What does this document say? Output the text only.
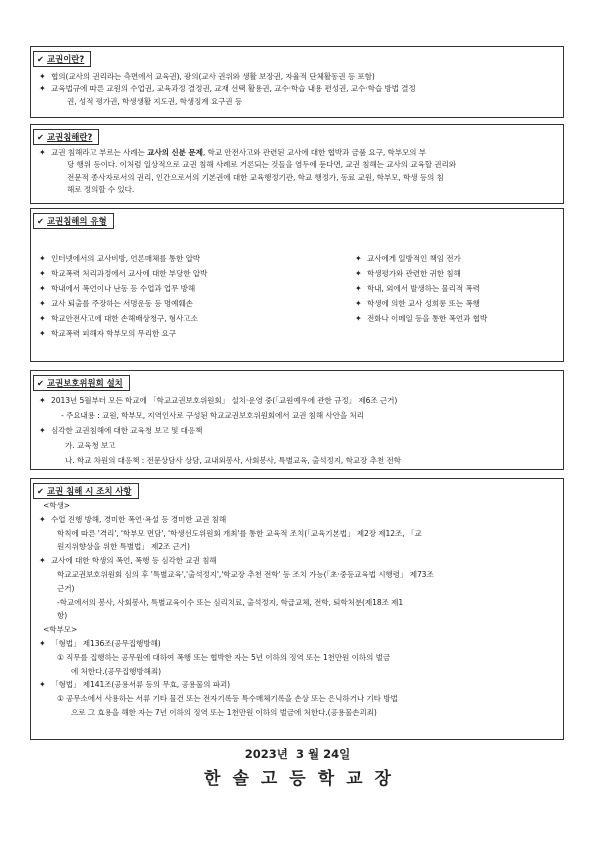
✔ 교권이란?
✦ 협의(교사의 권리라는 측면에서 교육권), 광의(교사 권위와 생활 보장권, 자율적 단체활동권 등 포함)
✦ 교육법규에 따른 교원의 수업권, 교육과정 결정권, 교재 선택 활용권, 교수·학습 내용 편성권, 교수·학습 방법 결정
권, 성적 평가권, 학생생활 지도권, 학생징계 요구권 등
✔ 교권침해란?
✦ 교권 침해라고 부르는 사례는 교사의 신분 문제, 학교 안전사고와 관련된 교사에 대한 협박과 금품 요구, 학부모의 부
당 행위 등이다. 이처럼 일상적으로 교권 침해 사례로 거론되는 것들을 염두에 둔다면, 교권 침해는 교사의 교육할 권리와
전문적 종사자로서의 권리, 인간으로서의 기본권에 대한 교육행정기관, 학교 행정가, 동료 교원, 학부모, 학생 등의 침
해로 정의할 수 있다.
✔ 교권침해의 유형
✦ 인터넷에서의 교사비방, 언론매체를 통한 압박
✦ 학교폭력 처리과정에서 교사에 대한 부당한 압박
✦ 학내에서 폭언이나 난동 등 수업과 업무 방해
✦ 교사 퇴출를 주장하는 서명운동 등 명예훼손
✦ 학교안전사고에 대한 손해배상청구, 형사고소
✦ 학교폭력 피해자 학부모의 무리한 요구
✦ 교사에게 일방적인 책임 전가
✦ 학생평가와 관련한 귀한 침해
✦ 학내, 외에서 발생하는 물리적 폭력
✦ 학생에 의한 교사 성희롱 또는 폭행
✦ 전화나 이메일 등을 통한 폭언과 협박
✔ 교권보호위원회 설치
✦ 2013년 5월부터 모든 학교에 「학교교권보호위원회」 설치·운영 중(「교원예우에 관한 규정」 제6조 근거)
- 주요내용 : 교원, 학부모, 지역인사로 구성된 학교교권보호위원회에서 교권 침해 사안을 처리
✦ 심각한 교권침해에 대한 교육청 보고 및 대응책
가. 교육청 보고
나. 학교 차원의 대응책 : 전문상담사 상담, 교내외봉사, 사회봉사, 특별교육, 출석정지, 학교장 추천 전학
✔ 교권 침해 시 조치 사항
<학생>
✦ 수업 진행 방해, 경미한 폭언·욕설 등 경미한 교권 침해
학칙에 따른 '격리', '학부모 면담', '학생선도위원회 개최'를 통한 교육적 조치(「교육기본법」 제2장 제12조, 「교
원지위향상을 위한 특별법」 제2조 근거)
✦ 교사에 대한 학생의 폭언, 폭행 등 심각한 교권 침해
학교교권보호위원회 심의 후 '특별교육','출석정지','학교장 추천 전학' 등 조치 가능(「초·중등교육법 시행령」 제73조
근거)
-학교에서의 봉사, 사회봉사, 특별교육이수 또는 심리치료, 출석정지, 학급교체, 전학, 퇴학처분(제18조 제1
항)
<학부모>
✦ 「형법」 제136조(공무집행방해)
① 직무를 집행하는 공무원에 대하여 폭행 또는 협박한 자는 5년 이하의 징역 또는 1천만원 이하의 벌금
에 처한다.(공무집행방해죄)
✦ 「형법」 제141조(공용서류 등의 무효, 공용물의 파괴)
① 공무소에서 사용하는 서류 기타 물건 또는 전자기록등 특수매체기록을 손상 또는 은닉하거나 기타 방법
으로 그 효용을 해한 자는 7년 이하의 징역 또는 1천만원 이하의 벌금에 처한다.(공용물손괴죄)
2023년 3 월 24일
한솔고등학교장
